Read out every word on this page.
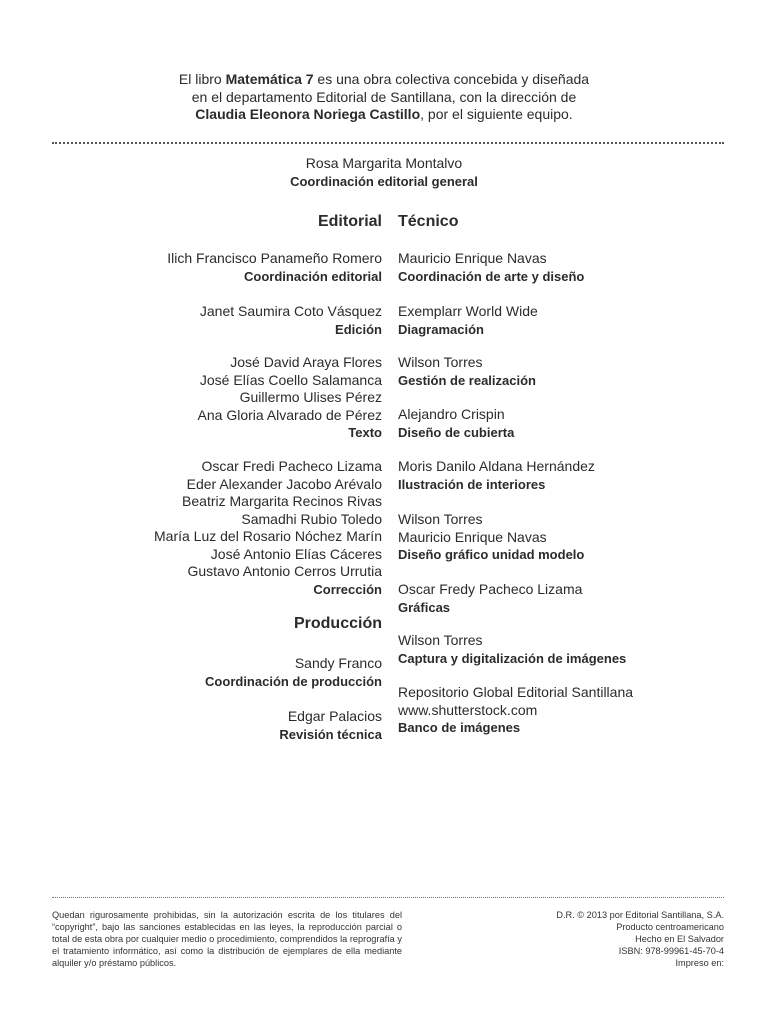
El libro Matemática 7 es una obra colectiva concebida y diseñada
en el departamento Editorial de Santillana, con la dirección de
Claudia Eleonora Noriega Castillo, por el siguiente equipo.
Rosa Margarita Montalvo
Coordinación editorial general
Editorial Técnico
Ilich Francisco Panameño Romero
Coordinación editorial
Janet Saumira Coto Vásquez
Edición
José David Araya Flores
José Elías Coello Salamanca
Guillermo Ulises Pérez
Ana Gloria Alvarado de Pérez
Texto
Oscar Fredi Pacheco Lizama
Eder Alexander Jacobo Arévalo
Beatriz Margarita Recinos Rivas
Samadhi Rubio Toledo
María Luz del Rosario Nóchez Marín
José Antonio Elías Cáceres
Gustavo Antonio Cerros Urrutia
Corrección
Producción
Sandy Franco
Coordinación de producción
Edgar Palacios
Revisión técnica
Mauricio Enrique Navas
Coordinación de arte y diseño
Exemplarr World Wide
Diagramación
Wilson Torres
Gestión de realización
Alejandro Crispin
Diseño de cubierta
Moris Danilo Aldana Hernández
Ilustración de interiores
Wilson Torres
Mauricio Enrique Navas
Diseño gráfico unidad modelo
Oscar Fredy Pacheco Lizama
Gráficas
Wilson Torres
Captura y digitalización de imágenes
Repositorio Global Editorial Santillana
www.shutterstock.com
Banco de imágenes
Quedan rigurosamente prohibidas, sin la autorización escrita de los titulares del “copyright”, bajo las sanciones establecidas en las leyes, la reproducción parcial o total de esta obra por cualquier medio o procedimiento, comprendidos la reprografía y el tratamiento informático, así como la distribución de ejemplares de ella mediante alquiler y/o préstamo públicos.
D.R. © 2013 por Editorial Santillana, S.A.
Producto centroamericano
Hecho en El Salvador
ISBN: 978-99961-45-70-4
Impreso en:
